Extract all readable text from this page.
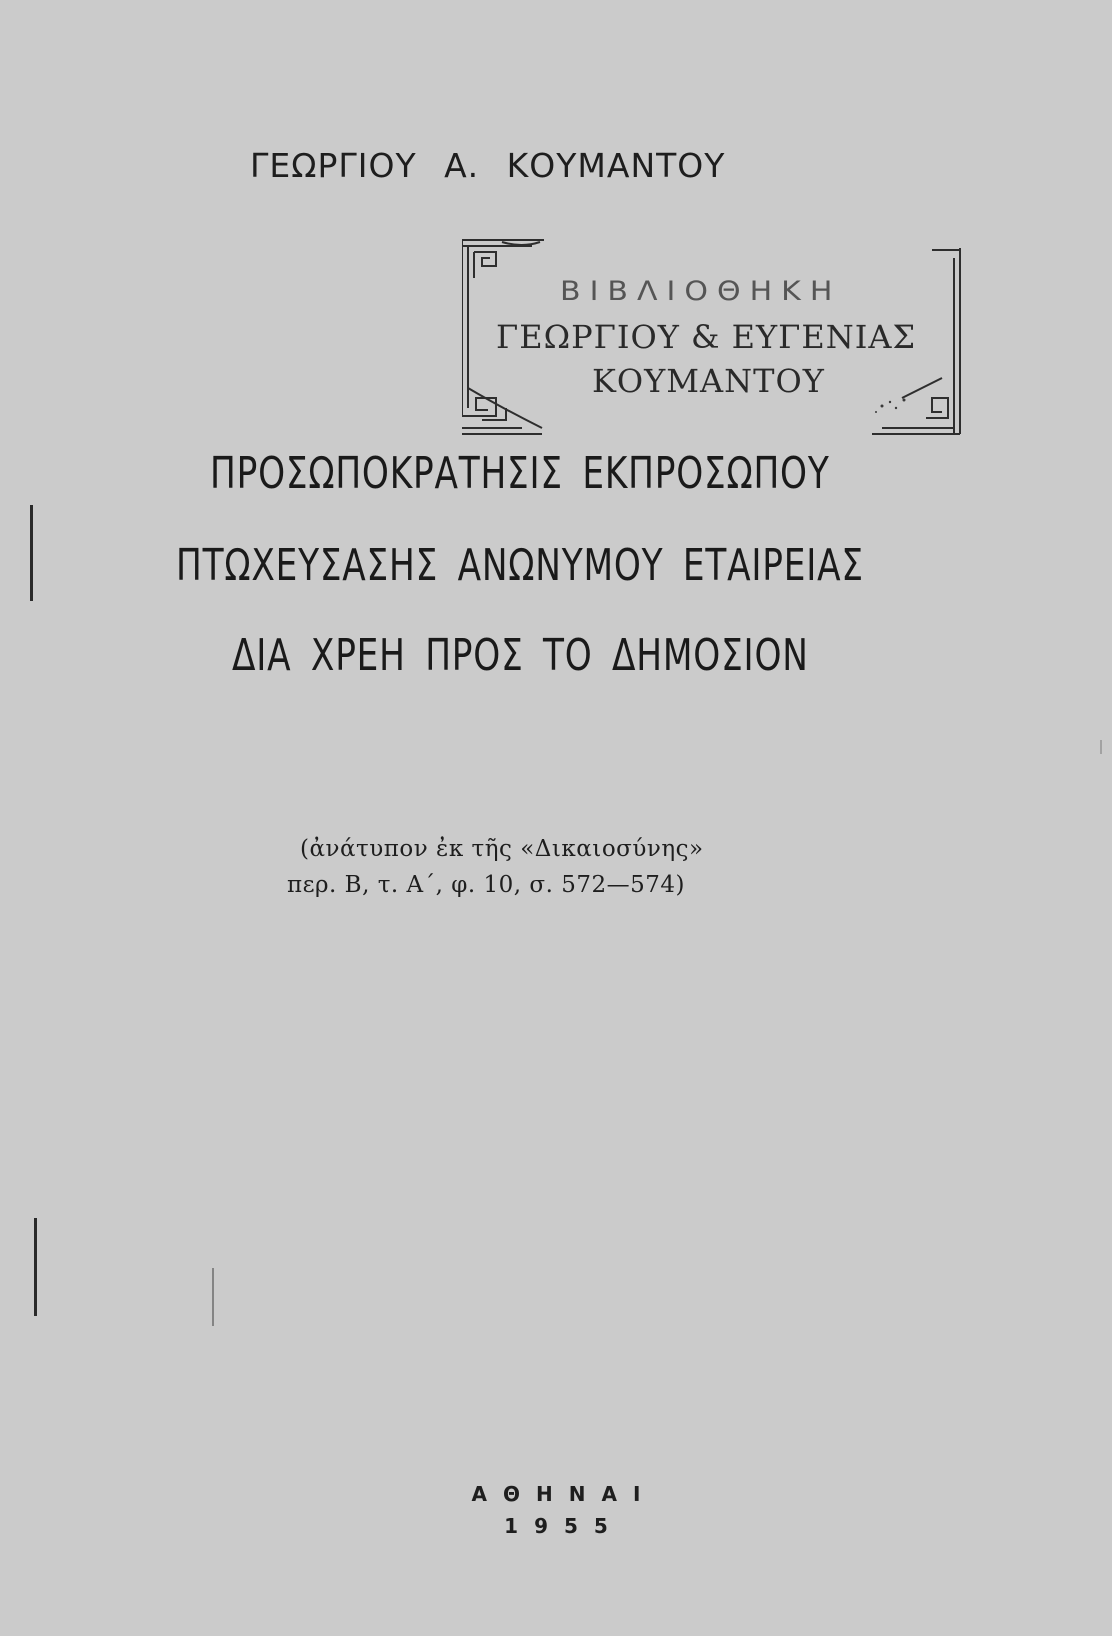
ΓΕΩΡΓΙΟΥ Α. ΚΟΥΜΑΝΤΟΥ
ΒΙΒΛΙΟΘΗΚΗ
ΓΕΩΡΓΙΟΥ & ΕΥΓΕΝΙΑΣ
ΚΟΥΜΑΝΤΟΥ
ΠΡΟΣΩΠΟΚΡΑΤΗΣΙΣ ΕΚΠΡΟΣΩΠΟΥ
ΠΤΩΧΕΥΣΑΣΗΣ ΑΝΩΝΥΜΟΥ ΕΤΑΙΡΕΙΑΣ
ΔΙΑ ΧΡΕΗ ΠΡΟΣ ΤΟ ΔΗΜΟΣΙΟΝ
(ἀνάτυπον ἐκ τῆς «Δικαιοσύνης»
περ. Β, τ. Α΄, φ. 10, σ. 572—574)
ΑΘΗΝΑΙ
1955
